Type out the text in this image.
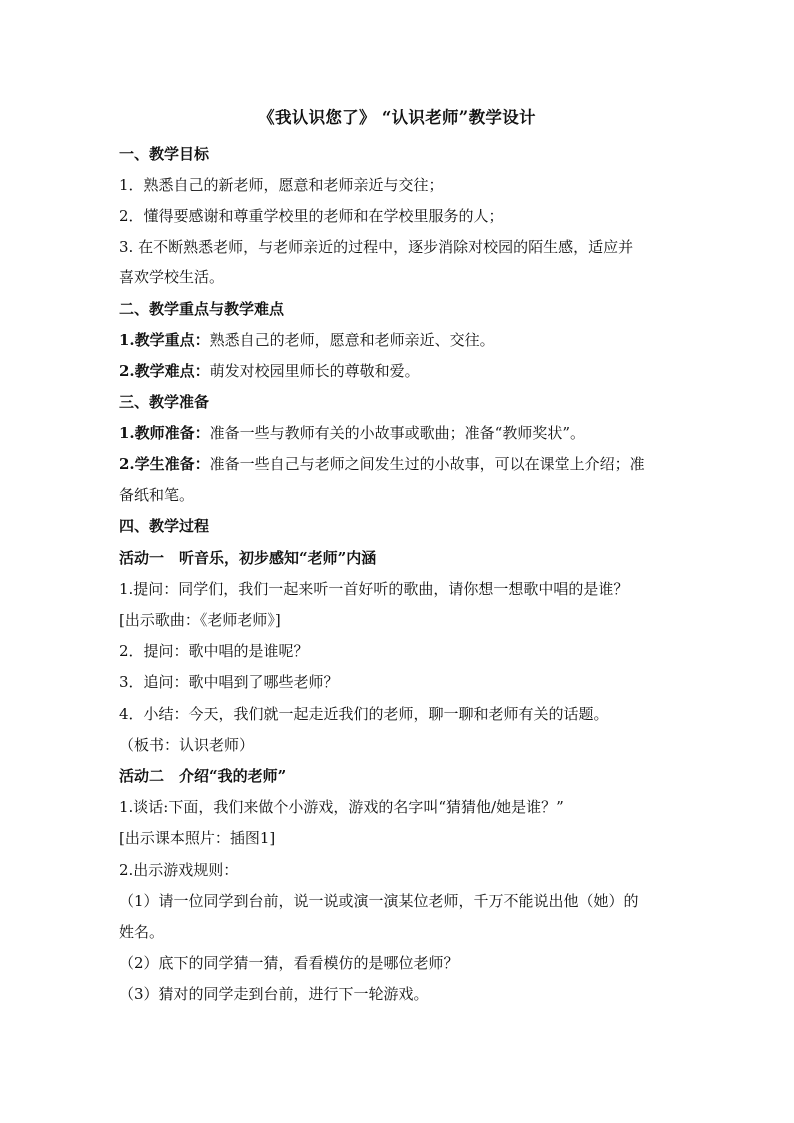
《我认识您了》 “认识老师”教学设计
一、教学目标
1．熟悉自己的新老师，愿意和老师亲近与交往；
2．懂得要感谢和尊重学校里的老师和在学校里服务的人；
3. 在不断熟悉老师，与老师亲近的过程中，逐步消除对校园的陌生感，适应并
喜欢学校生活。
二、教学重点与教学难点
1.教学重点：熟悉自己的老师，愿意和老师亲近、交往。
2.教学难点：萌发对校园里师长的尊敬和爱。
三、教学准备
1.教师准备：准备一些与教师有关的小故事或歌曲；准备“教师奖状”。
2.学生准备：准备一些自己与老师之间发生过的小故事，可以在课堂上介绍；准
备纸和笔。
四、教学过程
活动一　听音乐，初步感知“老师”内涵
1.提问：同学们，我们一起来听一首好听的歌曲，请你想一想歌中唱的是谁？
[出示歌曲：《老师老师》]
2．提问：歌中唱的是谁呢？
3．追问：歌中唱到了哪些老师？
4．小结：今天，我们就一起走近我们的老师，聊一聊和老师有关的话题。
（板书：认识老师）
活动二　介绍“我的老师”
1.谈话:下面，我们来做个小游戏，游戏的名字叫“猜猜他/她是谁？”
[出示课本照片：插图1]
2.出示游戏规则：
（1）请一位同学到台前，说一说或演一演某位老师，千万不能说出他（她）的
姓名。
（2）底下的同学猜一猜，看看模仿的是哪位老师？
（3）猜对的同学走到台前，进行下一轮游戏。
